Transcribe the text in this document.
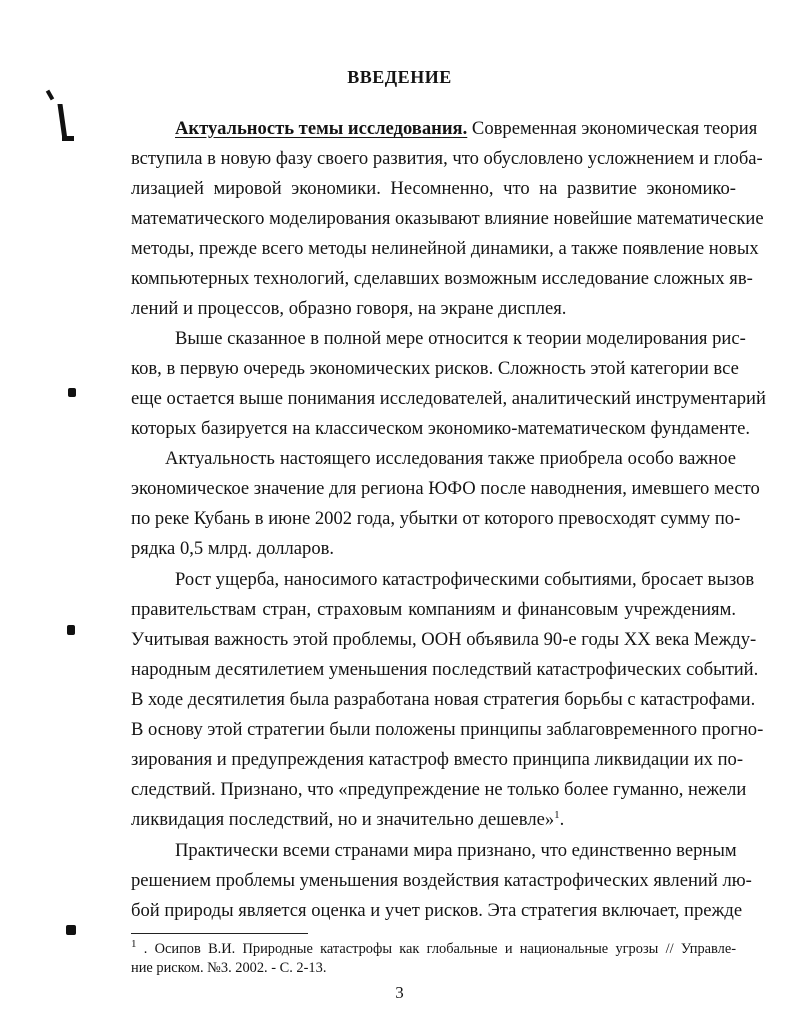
ВВЕДЕНИЕ
Актуальность темы исследования. Современная экономическая теория
вступила в новую фазу своего развития, что обусловлено усложнением и глоба-
лизацией мировой экономики. Несомненно, что на развитие экономико-
математического моделирования оказывают влияние новейшие математические
методы, прежде всего методы нелинейной динамики, а также появление новых
компьютерных технологий, сделавших возможным исследование сложных яв-
лений и процессов, образно говоря, на экране дисплея.
Выше сказанное в полной мере относится к теории моделирования рис-
ков, в первую очередь экономических рисков. Сложность этой категории все
еще остается выше понимания исследователей, аналитический инструментарий
которых базируется на классическом экономико-математическом фундаменте.
Актуальность настоящего исследования также приобрела особо важное
экономическое значение для региона ЮФО после наводнения, имевшего место
по реке Кубань в июне 2002 года, убытки от которого превосходят сумму по-
рядка 0,5 млрд. долларов.
Рост ущерба, наносимого катастрофическими событиями, бросает вызов
правительствам стран, страховым компаниям и финансовым учреждениям.
Учитывая важность этой проблемы, ООН объявила 90-е годы XX века Между-
народным десятилетием уменьшения последствий катастрофических событий.
В ходе десятилетия была разработана новая стратегия борьбы с катастрофами.
В основу этой стратегии были положены принципы заблаговременного прогно-
зирования и предупреждения катастроф вместо принципа ликвидации их по-
следствий. Признано, что «предупреждение не только более гуманно, нежели
ликвидация последствий, но и значительно дешевле»$^1$.
Практически всеми странами мира признано, что единственно верным
решением проблемы уменьшения воздействия катастрофических явлений лю-
бой природы является оценка и учет рисков. Эта стратегия включает, прежде
$^1$ . Осипов В.И. Природные катастрофы как глобальные и национальные угрозы // Управле-
ние риском. №3. 2002. - С. 2-13.
3
